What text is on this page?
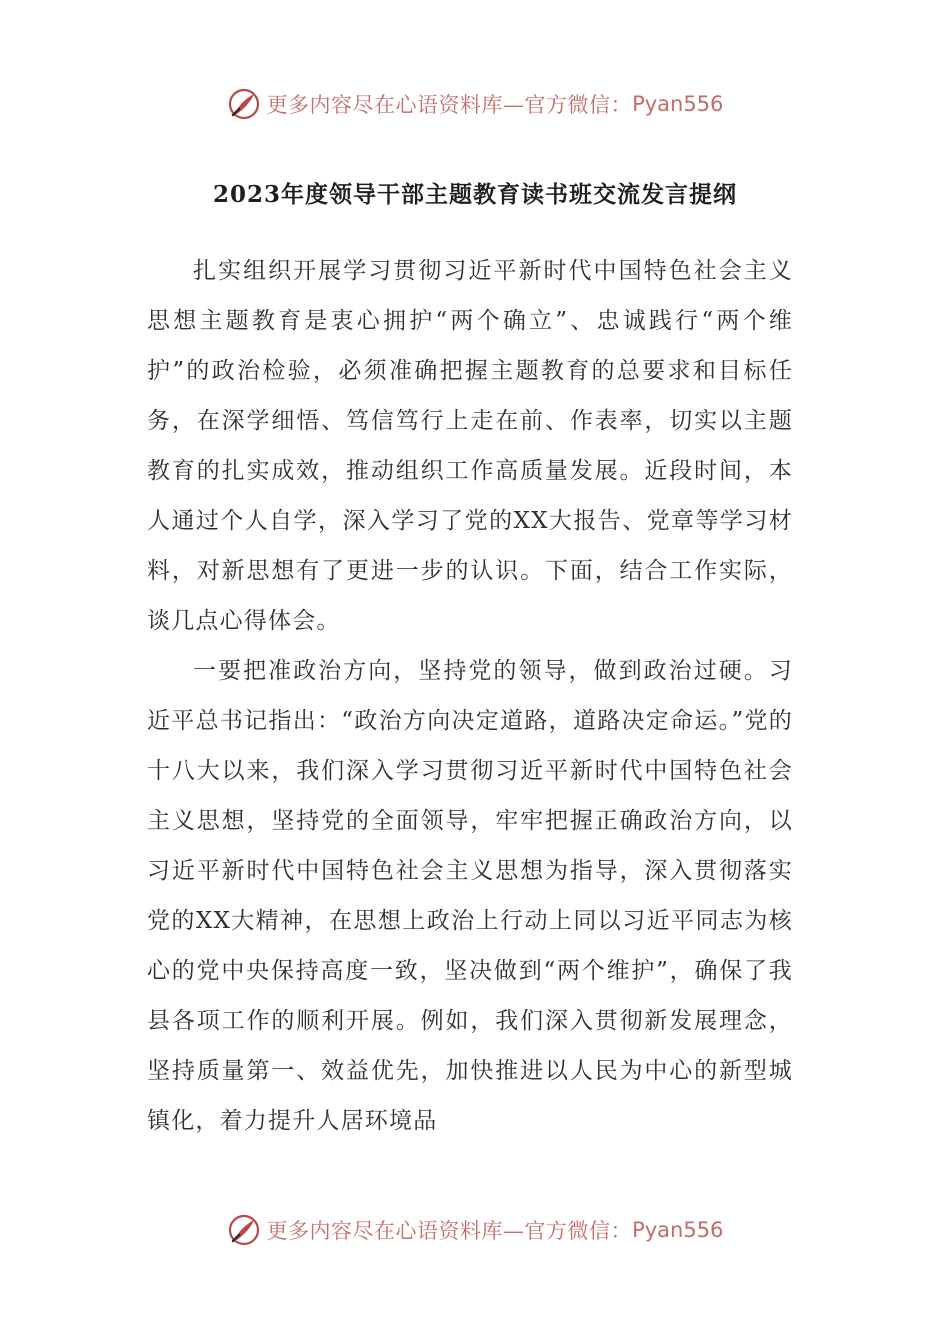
更多内容尽在心语资料库—官方微信： Pyan556
2023年度领导干部主题教育读书班交流发言提纲

扎实组织开展学习贯彻习近平新时代中国特色社会主义思想主题教育是衷心拥护“两个确立”、忠诚践行“两个维护”的政治检验，必须准确把握主题教育的总要求和目标任务，在深学细悟、笃信笃行上走在前、作表率，切实以主题教育的扎实成效，推动组织工作高质量发展。近段时间，本人通过个人自学，深入学习了党的XX大报告、党章等学习材料，对新思想有了更进一步的认识。下面，结合工作实际，谈几点心得体会。

一要把准政治方向，坚持党的领导，做到政治过硬。习近平总书记指出：“政治方向决定道路，道路决定命运。”党的十八大以来，我们深入学习贯彻习近平新时代中国特色社会主义思想，坚持党的全面领导，牢牢把握正确政治方向，以习近平新时代中国特色社会主义思想为指导，深入贯彻落实党的XX大精神，在思想上政治上行动上同以习近平同志为核心的党中央保持高度一致，坚决做到“两个维护”，确保了我县各项工作的顺利开展。例如，我们深入贯彻新发展理念，坚持质量第一、效益优先，加快推进以人民为中心的新型城镇化，着力提升人居环境品

更多内容尽在心语资料库—官方微信： Pyan556
